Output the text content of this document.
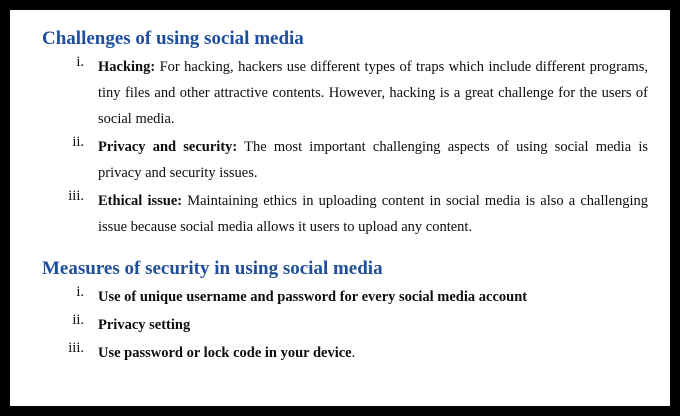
Challenges of using social media
i. Hacking: For hacking, hackers use different types of traps which include different programs, tiny files and other attractive contents. However, hacking is a great challenge for the users of social media.
ii. Privacy and security: The most important challenging aspects of using social media is privacy and security issues.
iii. Ethical issue: Maintaining ethics in uploading content in social media is also a challenging issue because social media allows it users to upload any content.
Measures of security in using social media
i. Use of unique username and password for every social media account
ii. Privacy setting
iii. Use password or lock code in your device.
